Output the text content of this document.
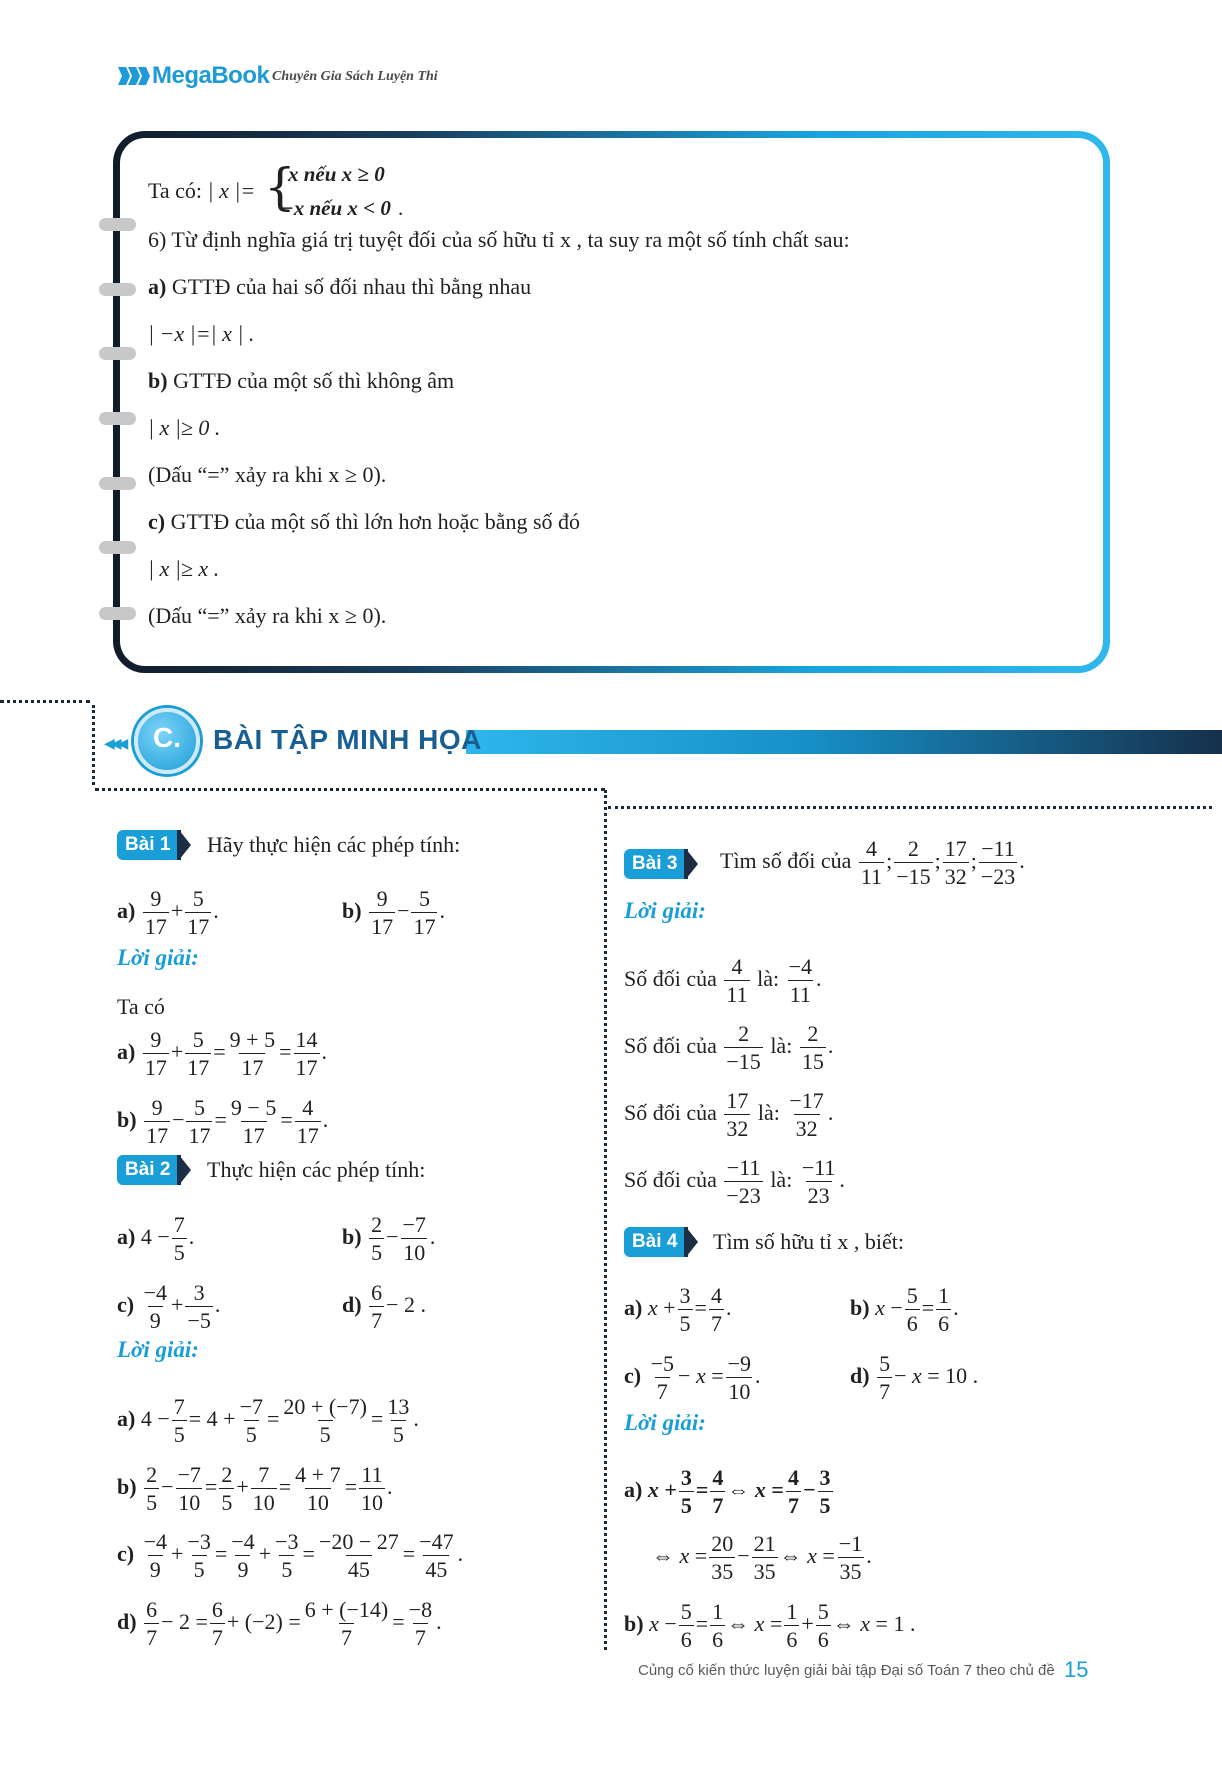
MegaBook Chuyên Gia Sách Luyện Thi
Ta có: | x |= {
x nếu x ≥ 0
−x nếu x < 0 .
6) Từ định nghĩa giá trị tuyệt đối của số hữu tỉ x , ta suy ra một số tính chất sau:
a) GTTĐ của hai số đối nhau thì bằng nhau
| −x |=| x | .
b) GTTĐ của một số thì không âm
| x |≥ 0 .
(Dấu “=” xảy ra khi x ≥ 0).
c) GTTĐ của một số thì lớn hơn hoặc bằng số đó
| x |≥ x .
(Dấu “=” xảy ra khi x ≥ 0).
◀◀◀	C.	BÀI TẬP MINH HỌA
Bài 1	Hãy thực hiện các phép tính:
$a) \frac{9}{17} + \frac{5}{17}$ .	$b) \frac{9}{17} - \frac{5}{17}$ .
Lời giải:
Ta có
$a) \frac{9}{17} + \frac{5}{17} = \frac{9 + 5}{17} = \frac{14}{17}$ .
$b) \frac{9}{17} - \frac{5}{17} = \frac{9 - 5}{17} = \frac{4}{17}$ .
Bài 2	Thực hiện các phép tính:
a) $4 - \frac{7}{5}$ .	$b) \frac{2}{5} - \frac{-7}{10}$ .
$c) \frac{-4}{9} + \frac{3}{-5}$ .	$d) \frac{6}{7} - 2$ .
Lời giải:
a) $4 - \frac{7}{5} = 4 + \frac{-7}{5} = \frac{20 + (-7)}{5} = \frac{13}{5}$ .
$b) \frac{2}{5} - \frac{-7}{10} = \frac{2}{5} + \frac{7}{10} = \frac{4 + 7}{10} = \frac{11}{10}$ .
$c) \frac{-4}{9} + \frac{-3}{5} = \frac{-4}{9} + \frac{-3}{5} = \frac{-20 - 27}{45} = \frac{-47}{45}$ .
$d) \frac{6}{7} - 2 = \frac{6}{7} + (-2) = \frac{6 + (-14)}{7} = \frac{-8}{7}$ .
Bài 3	Tìm số đối của $\frac{4}{11}$ ; $\frac{2}{-15}$ ; $\frac{17}{32}$ ; $\frac{-11}{-23}$ .
Lời giải:
Số đối của $\frac{4}{11}$ là: $\frac{-4}{11}$ .
Số đối của $\frac{2}{-15}$ là: $\frac{2}{15}$ .
Số đối của $\frac{17}{32}$ là: $\frac{-17}{32}$ .
Số đối của $\frac{-11}{-23}$ là: $\frac{-11}{23}$ .
Bài 4	Tìm số hữu tỉ x , biết:
a) $x + \frac{3}{5} = \frac{4}{7}$ .	b) $x - \frac{5}{6} = \frac{1}{6}$ .
$c) \frac{-5}{7} - x = \frac{-9}{10}$ .	$d) \frac{5}{7} - x = 10$ .
Lời giải:
a) $x + \frac{3}{5} = \frac{4}{7}$ ⇔ $x = \frac{4}{7} - \frac{3}{5}$
⇔ $x = \frac{20}{35} - \frac{21}{35}$ ⇔ $x = \frac{-1}{35}$ .
b) $x - \frac{5}{6} = \frac{1}{6}$ ⇔ $x = \frac{1}{6} + \frac{5}{6}$ ⇔ x = 1 .
Củng cố kiến thức luyện giải bài tập Đại số Toán 7 theo chủ đề 15
